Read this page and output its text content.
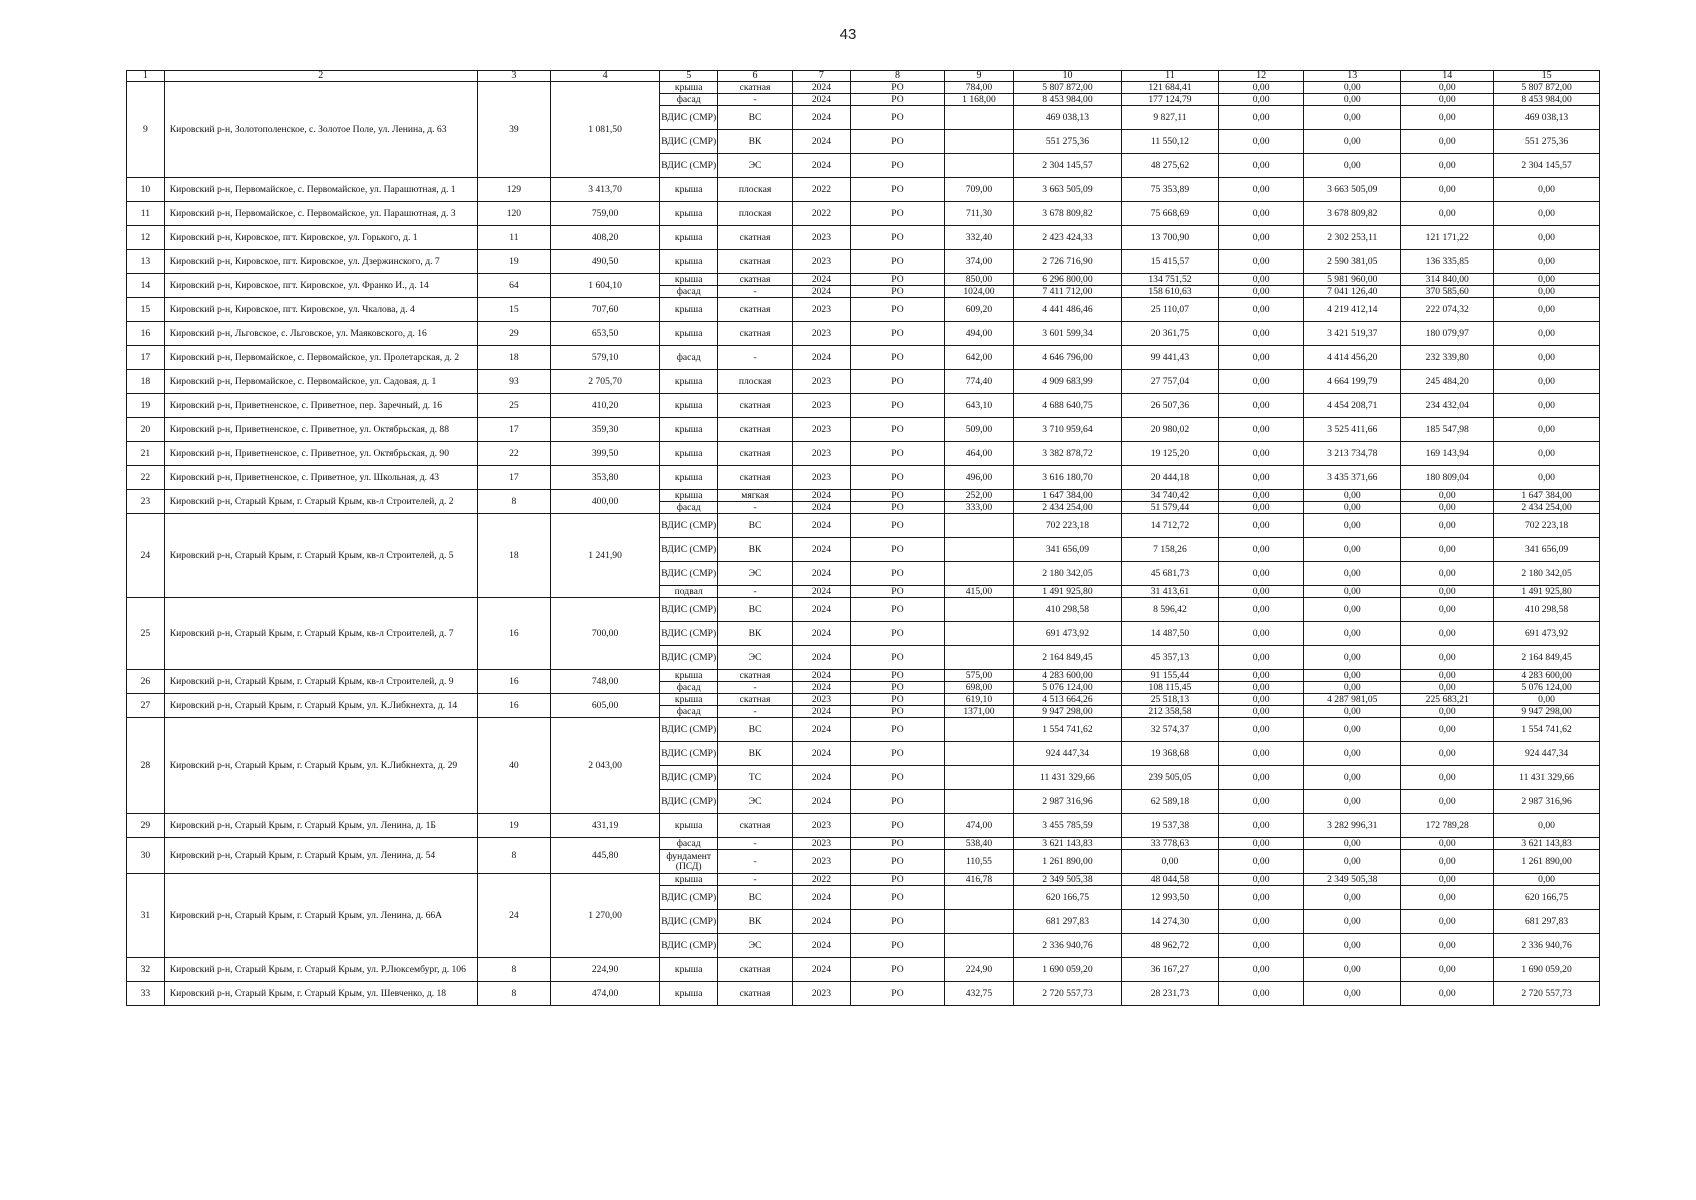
43
1	2	3	4	5	6	7	8	9	10	11	12	13	14	15
9	Кировский р-н, Золотополенское, с. Золотое Поле, ул. Ленина, д. 63	39	1 081,50	крыша	скатная	2024	РО	784,00	5 807 872,00	121 684,41	0,00	0,00	0,00	5 807 872,00
				фасад	-	2024	РО	1 168,00	8 453 984,00	177 124,79	0,00	0,00	0,00	8 453 984,00
				ВДИС (СМР)	ВС	2024	РО		469 038,13	9 827,11	0,00	0,00	0,00	469 038,13
				ВДИС (СМР)	ВК	2024	РО		551 275,36	11 550,12	0,00	0,00	0,00	551 275,36
				ВДИС (СМР)	ЭС	2024	РО		2 304 145,57	48 275,62	0,00	0,00	0,00	2 304 145,57
10	Кировский р-н, Первомайское, с. Первомайское, ул. Парашютная, д. 1	129	3 413,70	крыша	плоская	2022	РО	709,00	3 663 505,09	75 353,89	0,00	3 663 505,09	0,00	0,00
11	Кировский р-н, Первомайское, с. Первомайское, ул. Парашютная, д. 3	120	759,00	крыша	плоская	2022	РО	711,30	3 678 809,82	75 668,69	0,00	3 678 809,82	0,00	0,00
12	Кировский р-н, Кировское, пгт. Кировское, ул. Горького, д. 1	11	408,20	крыша	скатная	2023	РО	332,40	2 423 424,33	13 700,90	0,00	2 302 253,11	121 171,22	0,00
13	Кировский р-н, Кировское, пгт. Кировское, ул. Дзержинского, д. 7	19	490,50	крыша	скатная	2023	РО	374,00	2 726 716,90	15 415,57	0,00	2 590 381,05	136 335,85	0,00
14	Кировский р-н, Кировское, пгт. Кировское, ул. Франко И., д. 14	64	1 604,10	крыша	скатная	2024	РО	850,00	6 296 800,00	134 751,52	0,00	5 981 960,00	314 840,00	0,00
				фасад	-	2024	РО	1024,00	7 411 712,00	158 610,63	0,00	7 041 126,40	370 585,60	0,00
15	Кировский р-н, Кировское, пгт. Кировское, ул. Чкалова, д. 4	15	707,60	крыша	скатная	2023	РО	609,20	4 441 486,46	25 110,07	0,00	4 219 412,14	222 074,32	0,00
16	Кировский р-н, Льговское, с. Льговское, ул. Маяковского, д. 16	29	653,50	крыша	скатная	2023	РО	494,00	3 601 599,34	20 361,75	0,00	3 421 519,37	180 079,97	0,00
17	Кировский р-н, Первомайское, с. Первомайское, ул. Пролетарская, д. 2	18	579,10	фасад	-	2024	РО	642,00	4 646 796,00	99 441,43	0,00	4 414 456,20	232 339,80	0,00
18	Кировский р-н, Первомайское, с. Первомайское, ул. Садовая, д. 1	93	2 705,70	крыша	плоская	2023	РО	774,40	4 909 683,99	27 757,04	0,00	4 664 199,79	245 484,20	0,00
19	Кировский р-н, Приветненское, с. Приветное, пер. Заречный, д. 16	25	410,20	крыша	скатная	2023	РО	643,10	4 688 640,75	26 507,36	0,00	4 454 208,71	234 432,04	0,00
20	Кировский р-н, Приветненское, с. Приветное, ул. Октябрьская, д. 88	17	359,30	крыша	скатная	2023	РО	509,00	3 710 959,64	20 980,02	0,00	3 525 411,66	185 547,98	0,00
21	Кировский р-н, Приветненское, с. Приветное, ул. Октябрьская, д. 90	22	399,50	крыша	скатная	2023	РО	464,00	3 382 878,72	19 125,20	0,00	3 213 734,78	169 143,94	0,00
22	Кировский р-н, Приветненское, с. Приветное, ул. Школьная, д. 43	17	353,80	крыша	скатная	2023	РО	496,00	3 616 180,70	20 444,18	0,00	3 435 371,66	180 809,04	0,00
23	Кировский р-н, Старый Крым, г. Старый Крым, кв-л Строителей, д. 2	8	400,00	крыша	мягкая	2024	РО	252,00	1 647 384,00	34 740,42	0,00	0,00	0,00	1 647 384,00
				фасад	-	2024	РО	333,00	2 434 254,00	51 579,44	0,00	0,00	0,00	2 434 254,00
24	Кировский р-н, Старый Крым, г. Старый Крым, кв-л Строителей, д. 5	18	1 241,90	ВДИС (СМР)	ВС	2024	РО		702 223,18	14 712,72	0,00	0,00	0,00	702 223,18
				ВДИС (СМР)	ВК	2024	РО		341 656,09	7 158,26	0,00	0,00	0,00	341 656,09
				ВДИС (СМР)	ЭС	2024	РО		2 180 342,05	45 681,73	0,00	0,00	0,00	2 180 342,05
				подвал	-	2024	РО	415,00	1 491 925,80	31 413,61	0,00	0,00	0,00	1 491 925,80
25	Кировский р-н, Старый Крым, г. Старый Крым, кв-л Строителей, д. 7	16	700,00	ВДИС (СМР)	ВС	2024	РО		410 298,58	8 596,42	0,00	0,00	0,00	410 298,58
				ВДИС (СМР)	ВК	2024	РО		691 473,92	14 487,50	0,00	0,00	0,00	691 473,92
				ВДИС (СМР)	ЭС	2024	РО		2 164 849,45	45 357,13	0,00	0,00	0,00	2 164 849,45
26	Кировский р-н, Старый Крым, г. Старый Крым, кв-л Строителей, д. 9	16	748,00	крыша	скатная	2024	РО	575,00	4 283 600,00	91 155,44	0,00	0,00	0,00	4 283 600,00
				фасад	-	2024	РО	698,00	5 076 124,00	108 115,45	0,00	0,00	0,00	5 076 124,00
27	Кировский р-н, Старый Крым, г. Старый Крым, ул. К.Либкнехта, д. 14	16	605,00	крыша	скатная	2023	РО	619,10	4 513 664,26	25 518,13	0,00	4 287 981,05	225 683,21	0,00
				фасад	-	2024	РО	1371,00	9 947 298,00	212 358,58	0,00	0,00	0,00	9 947 298,00
28	Кировский р-н, Старый Крым, г. Старый Крым, ул. К.Либкнехта, д. 29	40	2 043,00	ВДИС (СМР)	ВС	2024	РО		1 554 741,62	32 574,37	0,00	0,00	0,00	1 554 741,62
				ВДИС (СМР)	ВК	2024	РО		924 447,34	19 368,68	0,00	0,00	0,00	924 447,34
				ВДИС (СМР)	ТС	2024	РО		11 431 329,66	239 505,05	0,00	0,00	0,00	11 431 329,66
				ВДИС (СМР)	ЭС	2024	РО		2 987 316,96	62 589,18	0,00	0,00	0,00	2 987 316,96
29	Кировский р-н, Старый Крым, г. Старый Крым, ул. Ленина, д. 1Б	19	431,19	крыша	скатная	2023	РО	474,00	3 455 785,59	19 537,38	0,00	3 282 996,31	172 789,28	0,00
30	Кировский р-н, Старый Крым, г. Старый Крым, ул. Ленина, д. 54	8	445,80	фасад	-	2023	РО	538,40	3 621 143,83	33 778,63	0,00	0,00	0,00	3 621 143,83
				фундамент (ПСД)	-	2023	РО	110,55	1 261 890,00	0,00	0,00	0,00	0,00	1 261 890,00
31	Кировский р-н, Старый Крым, г. Старый Крым, ул. Ленина, д. 66А	24	1 270,00	крыша	-	2022	РО	416,78	2 349 505,38	48 044,58	0,00	2 349 505,38	0,00	0,00
				ВДИС (СМР)	ВС	2024	РО		620 166,75	12 993,50	0,00	0,00	0,00	620 166,75
				ВДИС (СМР)	ВК	2024	РО		681 297,83	14 274,30	0,00	0,00	0,00	681 297,83
				ВДИС (СМР)	ЭС	2024	РО		2 336 940,76	48 962,72	0,00	0,00	0,00	2 336 940,76
32	Кировский р-н, Старый Крым, г. Старый Крым, ул. Р.Люксембург, д. 106	8	224,90	крыша	скатная	2024	РО	224,90	1 690 059,20	36 167,27	0,00	0,00	0,00	1 690 059,20
33	Кировский р-н, Старый Крым, г. Старый Крым, ул. Шевченко, д. 18	8	474,00	крыша	скатная	2023	РО	432,75	2 720 557,73	28 231,73	0,00	0,00	0,00	2 720 557,73
